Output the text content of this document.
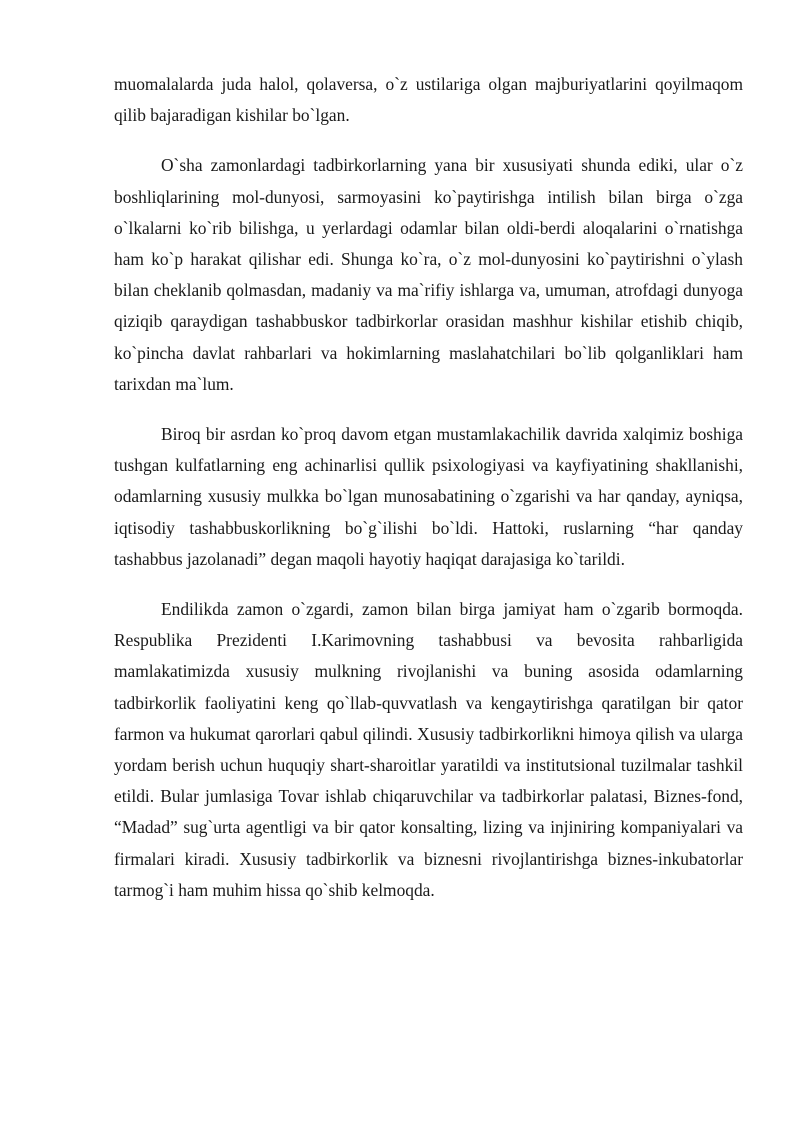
muomalalarda juda halol, qolaversa, o`z ustilariga olgan majburiyatlarini qoyilmaqom qilib bajaradigan kishilar bo`lgan.

O`sha zamonlardagi tadbirkorlarning yana bir xususiyati shunda ediki, ular o`z boshliqlarining mol-dunyosi, sarmoyasini ko`paytirishga intilish bilan birga o`zga o`lkalarni ko`rib bilishga, u yerlardagi odamlar bilan oldi-berdi aloqalarini o`rnatishga ham ko`p harakat qilishar edi. Shunga ko`ra, o`z mol-dunyosini ko`paytirishni o`ylash bilan cheklanib qolmasdan, madaniy va ma`rifiy ishlarga va, umuman, atrofdagi dunyoga qiziqib qaraydigan tashabbuskor tadbirkorlar orasidan mashhur kishilar etishib chiqib, ko`pincha davlat rahbarlari va hokimlarning maslahatchilari bo`lib qolganliklari ham tarixdan ma`lum.

Biroq bir asrdan ko`proq davom etgan mustamlakachilik davrida xalqimiz boshiga tushgan kulfatlarning eng achinarlisi qullik psixologiyasi va kayfiyatining shakllanishi, odamlarning xususiy mulkka bo`lgan munosabatining o`zgarishi va har qanday, ayniqsa, iqtisodiy tashabbuskorlikning bo`g`ilishi bo`ldi. Hattoki, ruslarning “har qanday tashabbus jazolanadi” degan maqoli hayotiy haqiqat darajasiga ko`tarildi.

Endilikda zamon o`zgardi, zamon bilan birga jamiyat ham o`zgarib bormoqda. Respublika Prezidenti I.Karimovning tashabbusi va bevosita rahbarligida mamlakatimizda xususiy mulkning rivojlanishi va buning asosida odamlarning tadbirkorlik faoliyatini keng qo`llab-quvvatlash va kengaytirishga qaratilgan bir qator farmon va hukumat qarorlari qabul qilindi. Xususiy tadbirkorlikni himoya qilish va ularga yordam berish uchun huquqiy shart-sharoitlar yaratildi va institutsional tuzilmalar tashkil etildi. Bular jumlasiga Tovar ishlab chiqaruvchilar va tadbirkorlar palatasi, Biznes-fond, “Madad” sug`urta agentligi va bir qator konsalting, lizing va injiniring kompaniyalari va firmalari kiradi. Xususiy tadbirkorlik va biznesni rivojlantirishga biznes-inkubatorlar tarmog`i ham muhim hissa qo`shib kelmoqda.
